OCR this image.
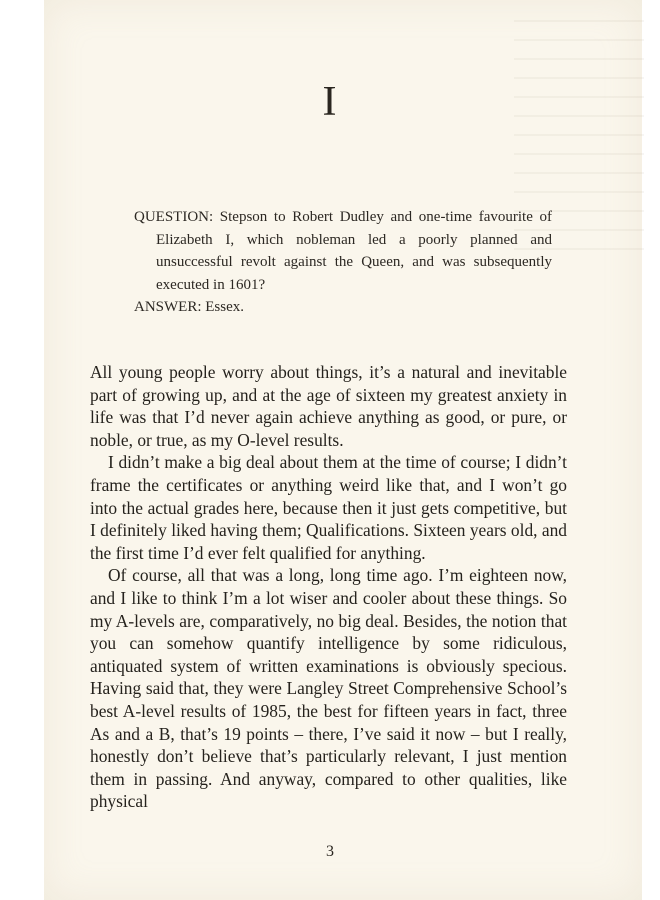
I

QUESTION: Stepson to Robert Dudley and one-time favourite of Elizabeth I, which nobleman led a poorly planned and unsuccessful revolt against the Queen, and was subsequently executed in 1601?

ANSWER: Essex.

All young people worry about things, it’s a natural and inevitable part of growing up, and at the age of sixteen my greatest anxiety in life was that I’d never again achieve anything as good, or pure, or noble, or true, as my O-level results.

I didn’t make a big deal about them at the time of course; I didn’t frame the certificates or anything weird like that, and I won’t go into the actual grades here, because then it just gets competitive, but I definitely liked having them; Qualifications. Sixteen years old, and the first time I’d ever felt qualified for anything.

Of course, all that was a long, long time ago. I’m eighteen now, and I like to think I’m a lot wiser and cooler about these things. So my A-levels are, comparatively, no big deal. Besides, the notion that you can somehow quantify intelligence by some ridiculous, antiquated system of written examinations is obviously specious. Having said that, they were Langley Street Comprehensive School’s best A-level results of 1985, the best for fifteen years in fact, three As and a B, that’s 19 points – there, I’ve said it now – but I really, honestly don’t believe that’s particularly relevant, I just mention them in passing. And anyway, compared to other qualities, like physical

3
